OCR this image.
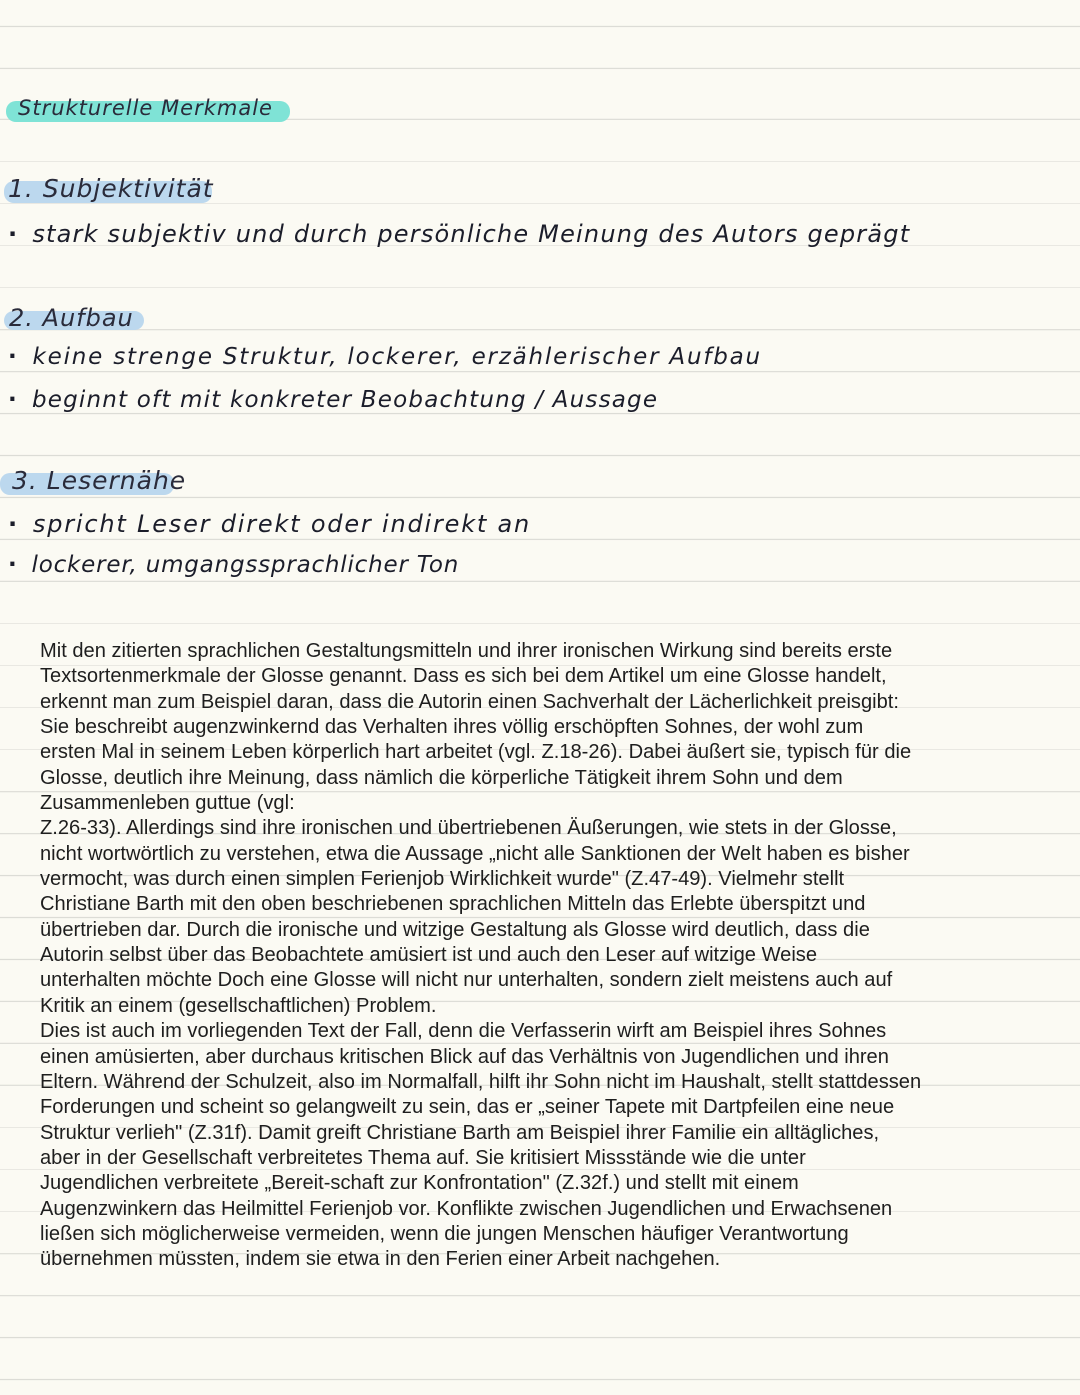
Strukturelle Merkmale
1. Subjektivität

· stark subjektiv und durch persönliche Meinung des Autors geprägt

2. Aufbau

· keine strenge Struktur, lockerer, erzählerischer Aufbau

· beginnt oft mit konkreter Beobachtung / Aussage

3. Lesernähe

· spricht Leser direkt oder indirekt an

· lockerer, umgangssprachlicher Ton

Mit den zitierten sprachlichen Gestaltungsmitteln und ihrer ironischen Wirkung sind bereits erste
Textsortenmerkmale der Glosse genannt. Dass es sich bei dem Artikel um eine Glosse handelt,
erkennt man zum Beispiel daran, dass die Autorin einen Sachverhalt der Lächerlichkeit preisgibt:
Sie beschreibt augenzwinkernd das Verhalten ihres völlig erschöpften Sohnes, der wohl zum
ersten Mal in seinem Leben körperlich hart arbeitet (vgl. Z.18-26). Dabei äußert sie, typisch für die
Glosse, deutlich ihre Meinung, dass nämlich die körperliche Tätigkeit ihrem Sohn und dem
Zusammenleben guttue (vgl:
Z.26-33). Allerdings sind ihre ironischen und übertriebenen Äußerungen, wie stets in der Glosse,
nicht wortwörtlich zu verstehen, etwa die Aussage „nicht alle Sanktionen der Welt haben es bisher
vermocht, was durch einen simplen Ferienjob Wirklichkeit wurde" (Z.47-49). Vielmehr stellt
Christiane Barth mit den oben beschriebenen sprachlichen Mitteln das Erlebte überspitzt und
übertrieben dar. Durch die ironische und witzige Gestaltung als Glosse wird deutlich, dass die
Autorin selbst über das Beobachtete amüsiert ist und auch den Leser auf witzige Weise
unterhalten möchte Doch eine Glosse will nicht nur unterhalten, sondern zielt meistens auch auf
Kritik an einem (gesellschaftlichen) Problem.
Dies ist auch im vorliegenden Text der Fall, denn die Verfasserin wirft am Beispiel ihres Sohnes
einen amüsierten, aber durchaus kritischen Blick auf das Verhältnis von Jugendlichen und ihren
Eltern. Während der Schulzeit, also im Normalfall, hilft ihr Sohn nicht im Haushalt, stellt stattdessen
Forderungen und scheint so gelangweilt zu sein, das er „seiner Tapete mit Dartpfeilen eine neue
Struktur verlieh" (Z.31f). Damit greift Christiane Barth am Beispiel ihrer Familie ein alltägliches,
aber in der Gesellschaft verbreitetes Thema auf. Sie kritisiert Missstände wie die unter
Jugendlichen verbreitete „Bereit-schaft zur Konfrontation" (Z.32f.) und stellt mit einem
Augenzwinkern das Heilmittel Ferienjob vor. Konflikte zwischen Jugendlichen und Erwachsenen
ließen sich möglicherweise vermeiden, wenn die jungen Menschen häufiger Verantwortung
übernehmen müssten, indem sie etwa in den Ferien einer Arbeit nachgehen.
